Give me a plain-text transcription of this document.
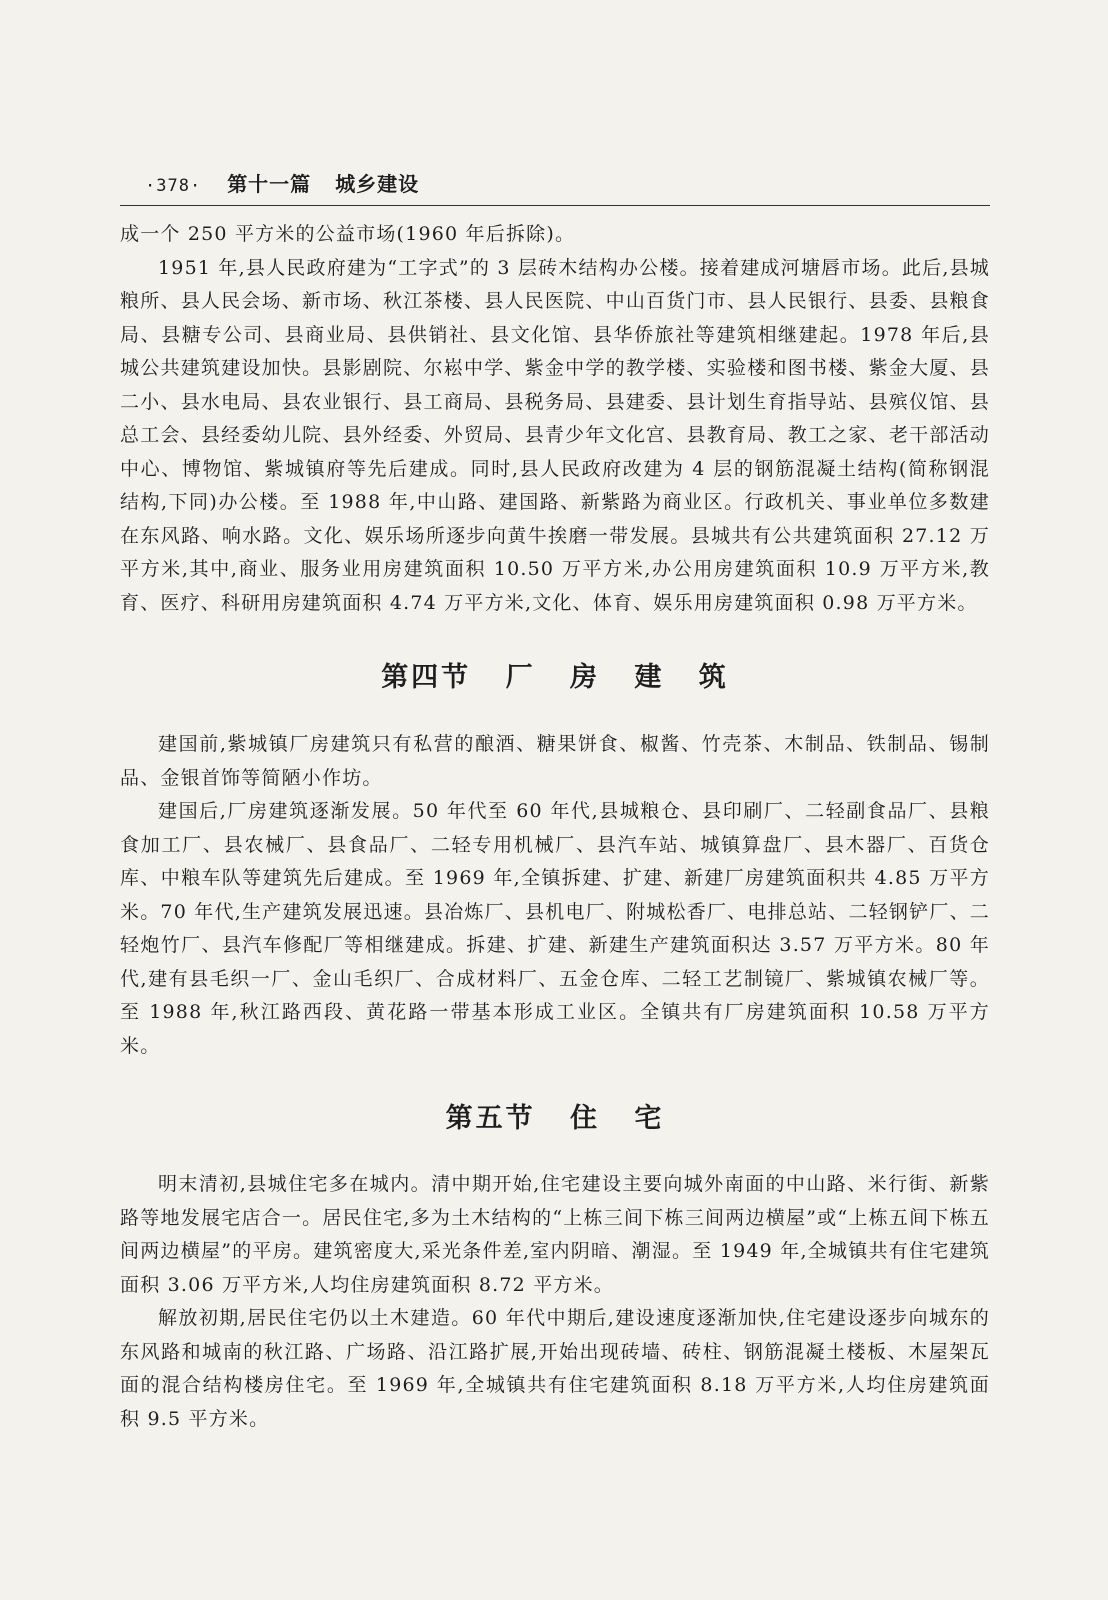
·378· 第十一篇 城乡建设

成一个 250 平方米的公益市场(1960 年后拆除)。

1951 年,县人民政府建为“工字式”的 3 层砖木结构办公楼。接着建成河塘唇市场。此后,县城粮所、县人民会场、新市场、秋江茶楼、县人民医院、中山百货门市、县人民银行、县委、县粮食局、县糖专公司、县商业局、县供销社、县文化馆、县华侨旅社等建筑相继建起。1978 年后,县城公共建筑建设加快。县影剧院、尔崧中学、紫金中学的教学楼、实验楼和图书楼、紫金大厦、县二小、县水电局、县农业银行、县工商局、县税务局、县建委、县计划生育指导站、县殡仪馆、县总工会、县经委幼儿院、县外经委、外贸局、县青少年文化宫、县教育局、教工之家、老干部活动中心、博物馆、紫城镇府等先后建成。同时,县人民政府改建为 4 层的钢筋混凝土结构(简称钢混结构,下同)办公楼。至 1988 年,中山路、建国路、新紫路为商业区。行政机关、事业单位多数建在东风路、响水路。文化、娱乐场所逐步向黄牛挨磨一带发展。县城共有公共建筑面积 27.12 万平方米,其中,商业、服务业用房建筑面积 10.50 万平方米,办公用房建筑面积 10.9 万平方米,教育、医疗、科研用房建筑面积 4.74 万平方米,文化、体育、娱乐用房建筑面积 0.98 万平方米。

第四节 厂 房 建 筑

建国前,紫城镇厂房建筑只有私营的酿酒、糖果饼食、椒酱、竹壳茶、木制品、铁制品、锡制品、金银首饰等简陋小作坊。

建国后,厂房建筑逐渐发展。50 年代至 60 年代,县城粮仓、县印刷厂、二轻副食品厂、县粮食加工厂、县农械厂、县食品厂、二轻专用机械厂、县汽车站、城镇算盘厂、县木器厂、百货仓库、中粮车队等建筑先后建成。至 1969 年,全镇拆建、扩建、新建厂房建筑面积共 4.85 万平方米。70 年代,生产建筑发展迅速。县冶炼厂、县机电厂、附城松香厂、电排总站、二轻钢铲厂、二轻炮竹厂、县汽车修配厂等相继建成。拆建、扩建、新建生产建筑面积达 3.57 万平方米。80 年代,建有县毛织一厂、金山毛织厂、合成材料厂、五金仓库、二轻工艺制镜厂、紫城镇农械厂等。至 1988 年,秋江路西段、黄花路一带基本形成工业区。全镇共有厂房建筑面积 10.58 万平方米。

第五节 住 宅

明末清初,县城住宅多在城内。清中期开始,住宅建设主要向城外南面的中山路、米行街、新紫路等地发展宅店合一。居民住宅,多为土木结构的“上栋三间下栋三间两边横屋”或“上栋五间下栋五间两边横屋”的平房。建筑密度大,采光条件差,室内阴暗、潮湿。至 1949 年,全城镇共有住宅建筑面积 3.06 万平方米,人均住房建筑面积 8.72 平方米。

解放初期,居民住宅仍以土木建造。60 年代中期后,建设速度逐渐加快,住宅建设逐步向城东的东风路和城南的秋江路、广场路、沿江路扩展,开始出现砖墙、砖柱、钢筋混凝土楼板、木屋架瓦面的混合结构楼房住宅。至 1969 年,全城镇共有住宅建筑面积 8.18 万平方米,人均住房建筑面积 9.5 平方米。
